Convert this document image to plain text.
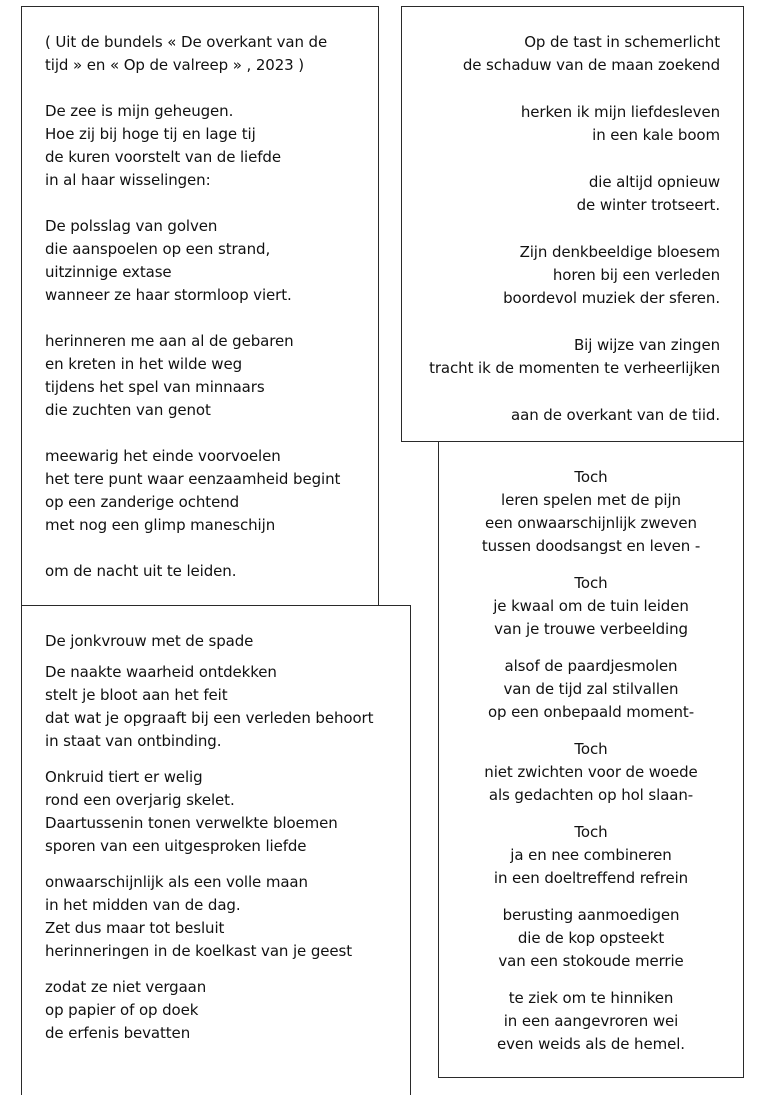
( Uit de bundels « De overkant van de
tijd » en « Op de valreep » , 2023 )
De zee is mijn geheugen.
Hoe zij bij hoge tij en lage tij
de kuren voorstelt van de liefde
in al haar wisselingen:
De polsslag van golven
die aanspoelen op een strand,
uitzinnige extase
wanneer ze haar stormloop viert.
herinneren me aan al de gebaren
en kreten in het wilde weg
tijdens het spel van minnaars
die zuchten van genot
meewarig het einde voorvoelen
het tere punt waar eenzaamheid begint
op een zanderige ochtend
met nog een glimp maneschijn
om de nacht uit te leiden.
Op de tast in schemerlicht
de schaduw van de maan zoekend
herken ik mijn liefdesleven
in een kale boom
die altijd opnieuw
de winter trotseert.
Zijn denkbeeldige bloesem
horen bij een verleden
boordevol muziek der sferen.
Bij wijze van zingen
tracht ik de momenten te verheerlijken
aan de overkant van de tiid.
Toch
leren spelen met de pijn
een onwaarschijnlijk zweven
tussen doodsangst en leven -
Toch
je kwaal om de tuin leiden
van je trouwe verbeelding
alsof de paardjesmolen
van de tijd zal stilvallen
op een onbepaald moment-
Toch
niet zwichten voor de woede
als gedachten op hol slaan-
Toch
ja en nee combineren
in een doeltreffend refrein
berusting aanmoedigen
die de kop opsteekt
van een stokoude merrie
te ziek om te hinniken
in een aangevroren wei
even weids als de hemel.
De jonkvrouw met de spade
De naakte waarheid ontdekken
stelt je bloot aan het feit
dat wat je opgraaft bij een verleden behoort
in staat van ontbinding.
Onkruid tiert er welig
rond een overjarig skelet.
Daartussenin tonen verwelkte bloemen
sporen van een uitgesproken liefde
onwaarschijnlijk als een volle maan
in het midden van de dag.
Zet dus maar tot besluit
herinneringen in de koelkast van je geest
zodat ze niet vergaan
op papier of op doek
de erfenis bevatten
